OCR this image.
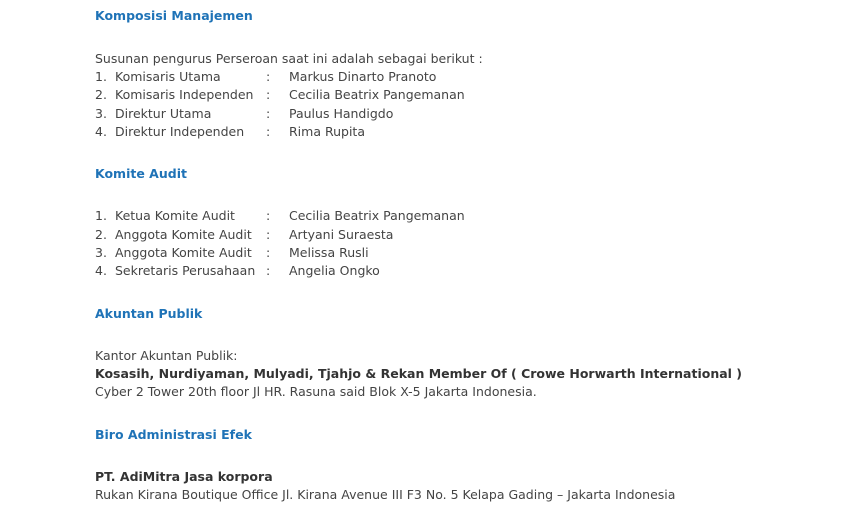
Komposisi Manajemen
Susunan pengurus Perseroan saat ini adalah sebagai berikut :
1. Komisaris Utama	: Markus Dinarto Pranoto
2. Komisaris Independen : Cecilia Beatrix Pangemanan
3. Direktur Utama	: Paulus Handigdo
4. Direktur Independen : Rima Rupita
Komite Audit
1. Ketua Komite Audit : Cecilia Beatrix Pangemanan
2. Anggota Komite Audit : Artyani Suraesta
3. Anggota Komite Audit : Melissa Rusli
4. Sekretaris Perusahaan : Angelia Ongko
Akuntan Publik
Kantor Akuntan Publik:
Kosasih, Nurdiyaman, Mulyadi, Tjahjo & Rekan Member Of ( Crowe Horwarth International )
Cyber 2 Tower 20th floor Jl HR. Rasuna said Blok X-5 Jakarta Indonesia.
Biro Administrasi Efek
PT. AdiMitra Jasa korpora
Rukan Kirana Boutique Office Jl. Kirana Avenue III F3 No. 5 Kelapa Gading – Jakarta Indonesia
